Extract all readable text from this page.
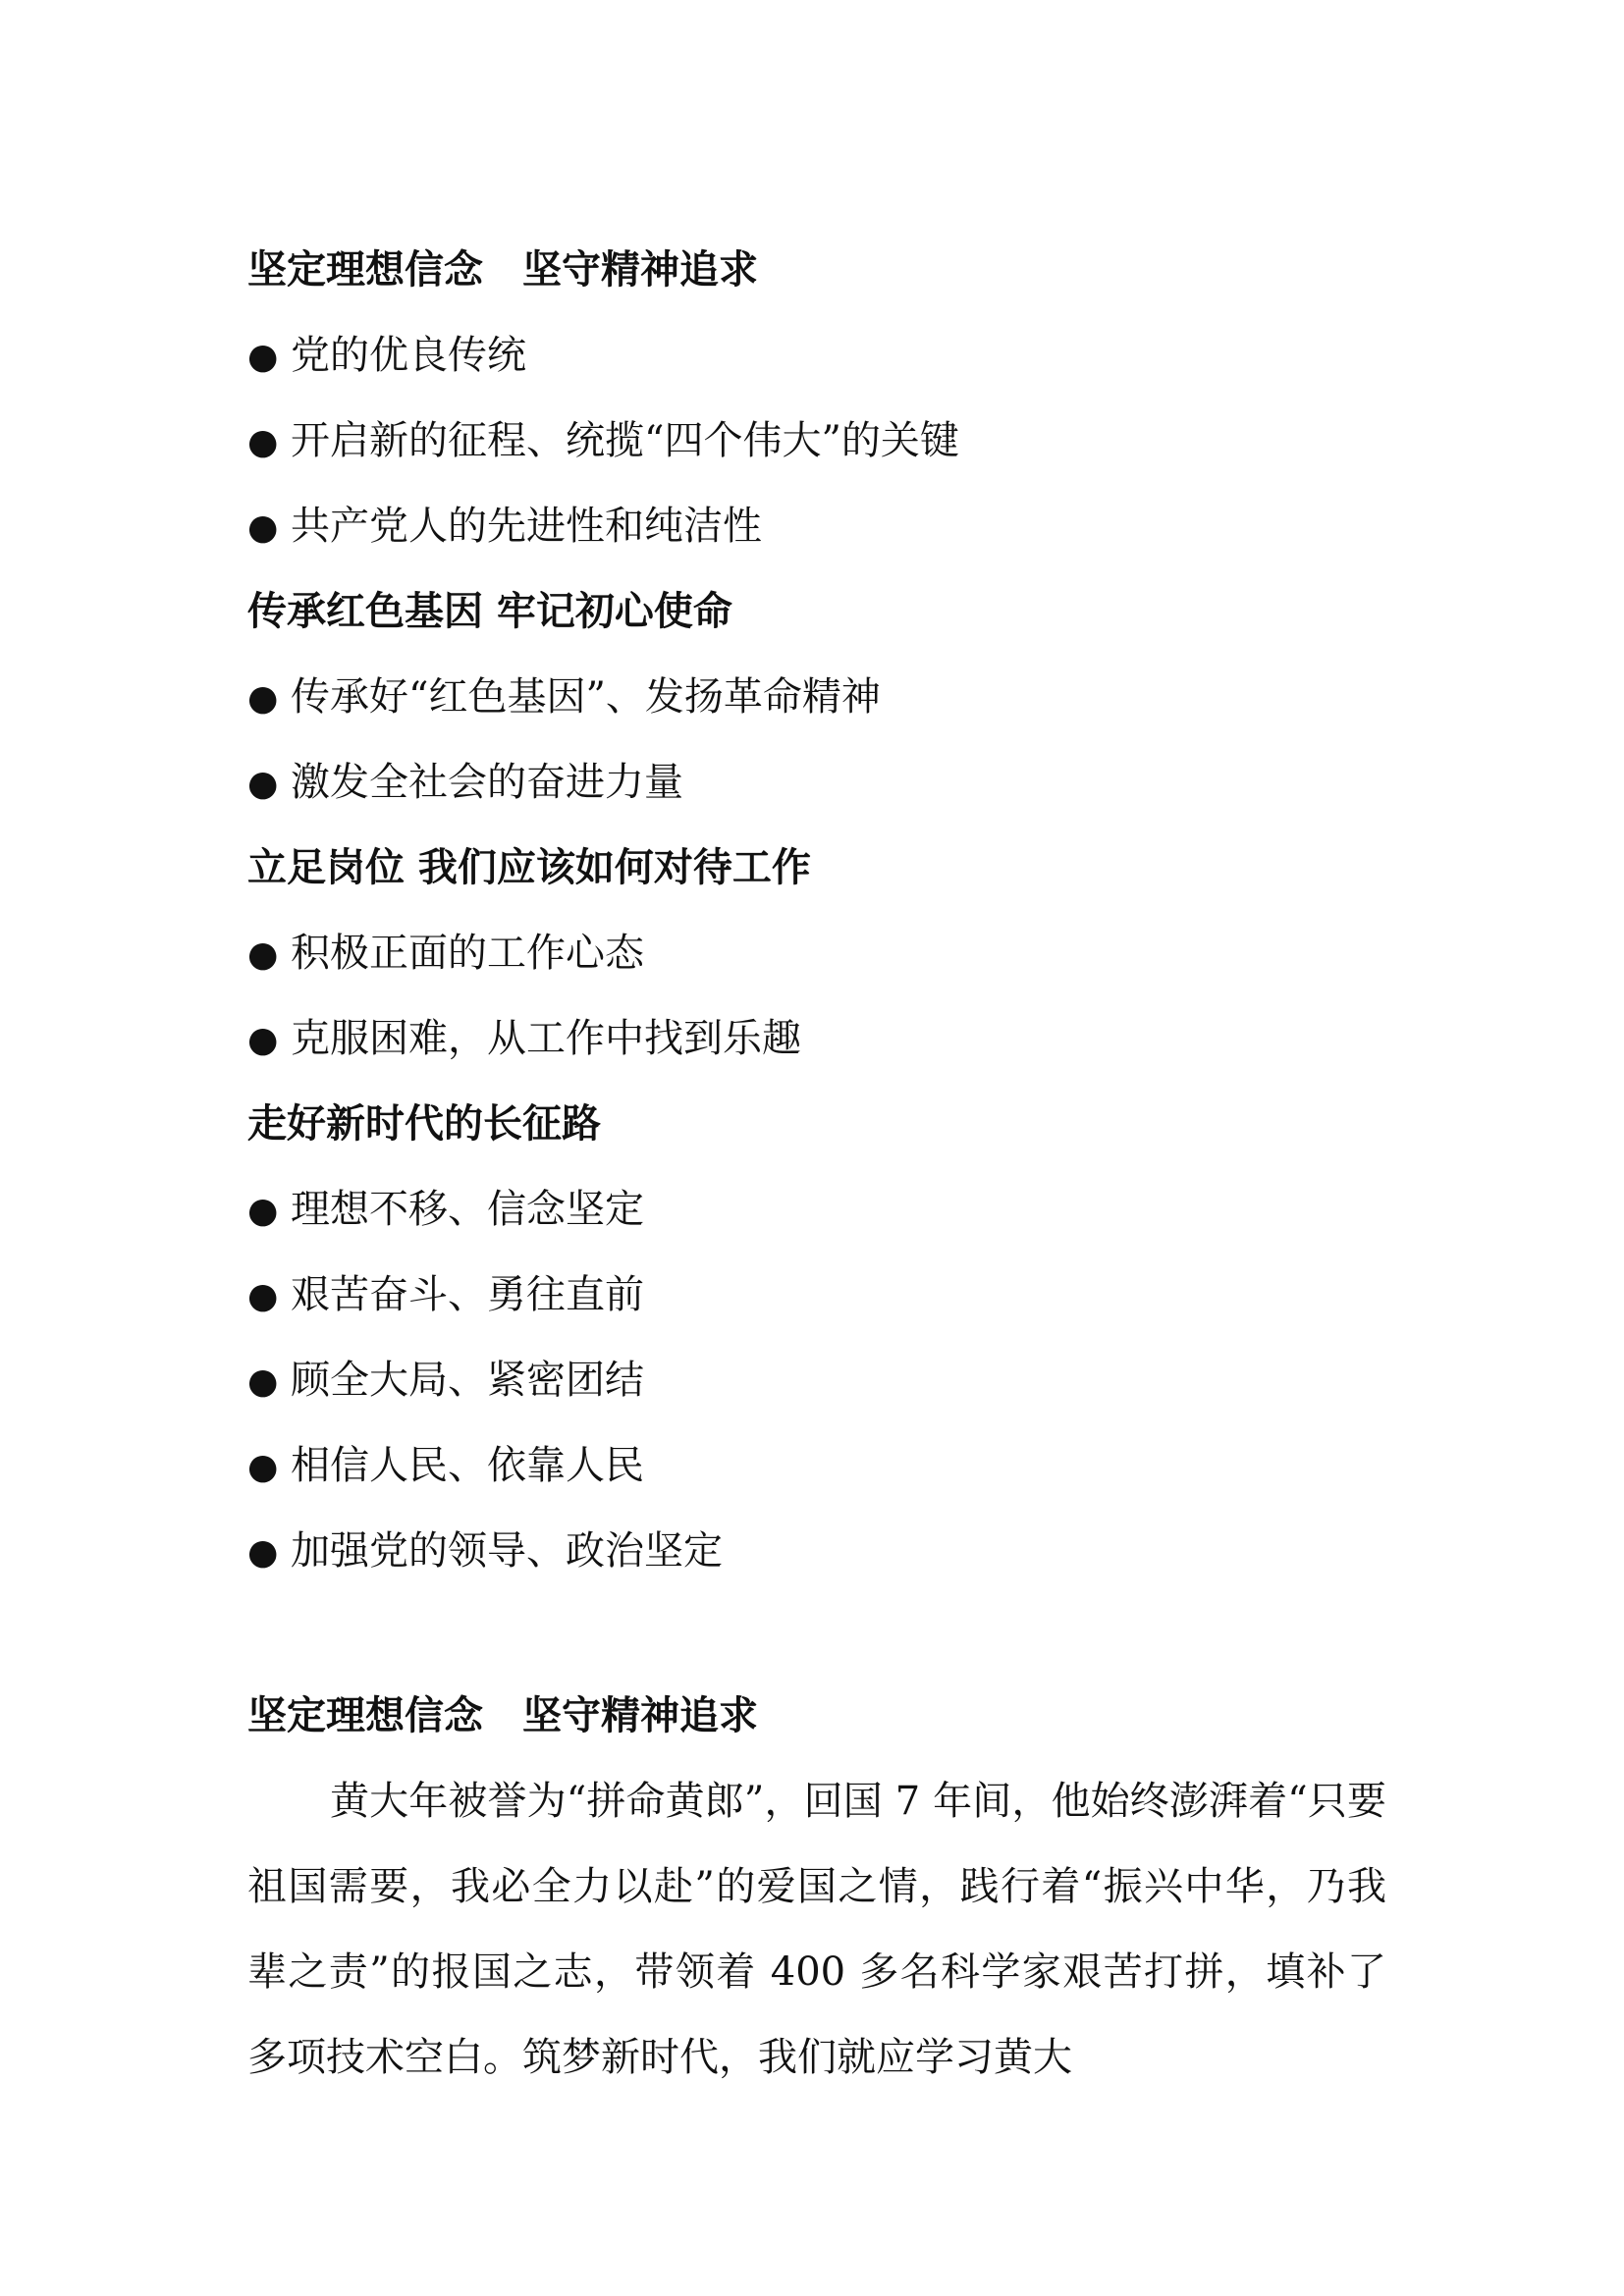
坚定理想信念　坚守精神追求
● 党的优良传统
● 开启新的征程、统揽“四个伟大”的关键
● 共产党人的先进性和纯洁性
传承红色基因 牢记初心使命
● 传承好“红色基因”、发扬革命精神
● 激发全社会的奋进力量
立足岗位 我们应该如何对待工作
● 积极正面的工作心态
● 克服困难，从工作中找到乐趣
走好新时代的长征路
● 理想不移、信念坚定
● 艰苦奋斗、勇往直前
● 顾全大局、紧密团结
● 相信人民、依靠人民
● 加强党的领导、政治坚定
坚定理想信念　坚守精神追求

黄大年被誉为“拼命黄郎”，回国 7 年间，他始终澎湃着“只要祖国需要，我必全力以赴”的爱国之情，践行着“振兴中华，乃我辈之责”的报国之志，带领着 400 多名科学家艰苦打拼，填补了多项技术空白。筑梦新时代，我们就应学习黄大
